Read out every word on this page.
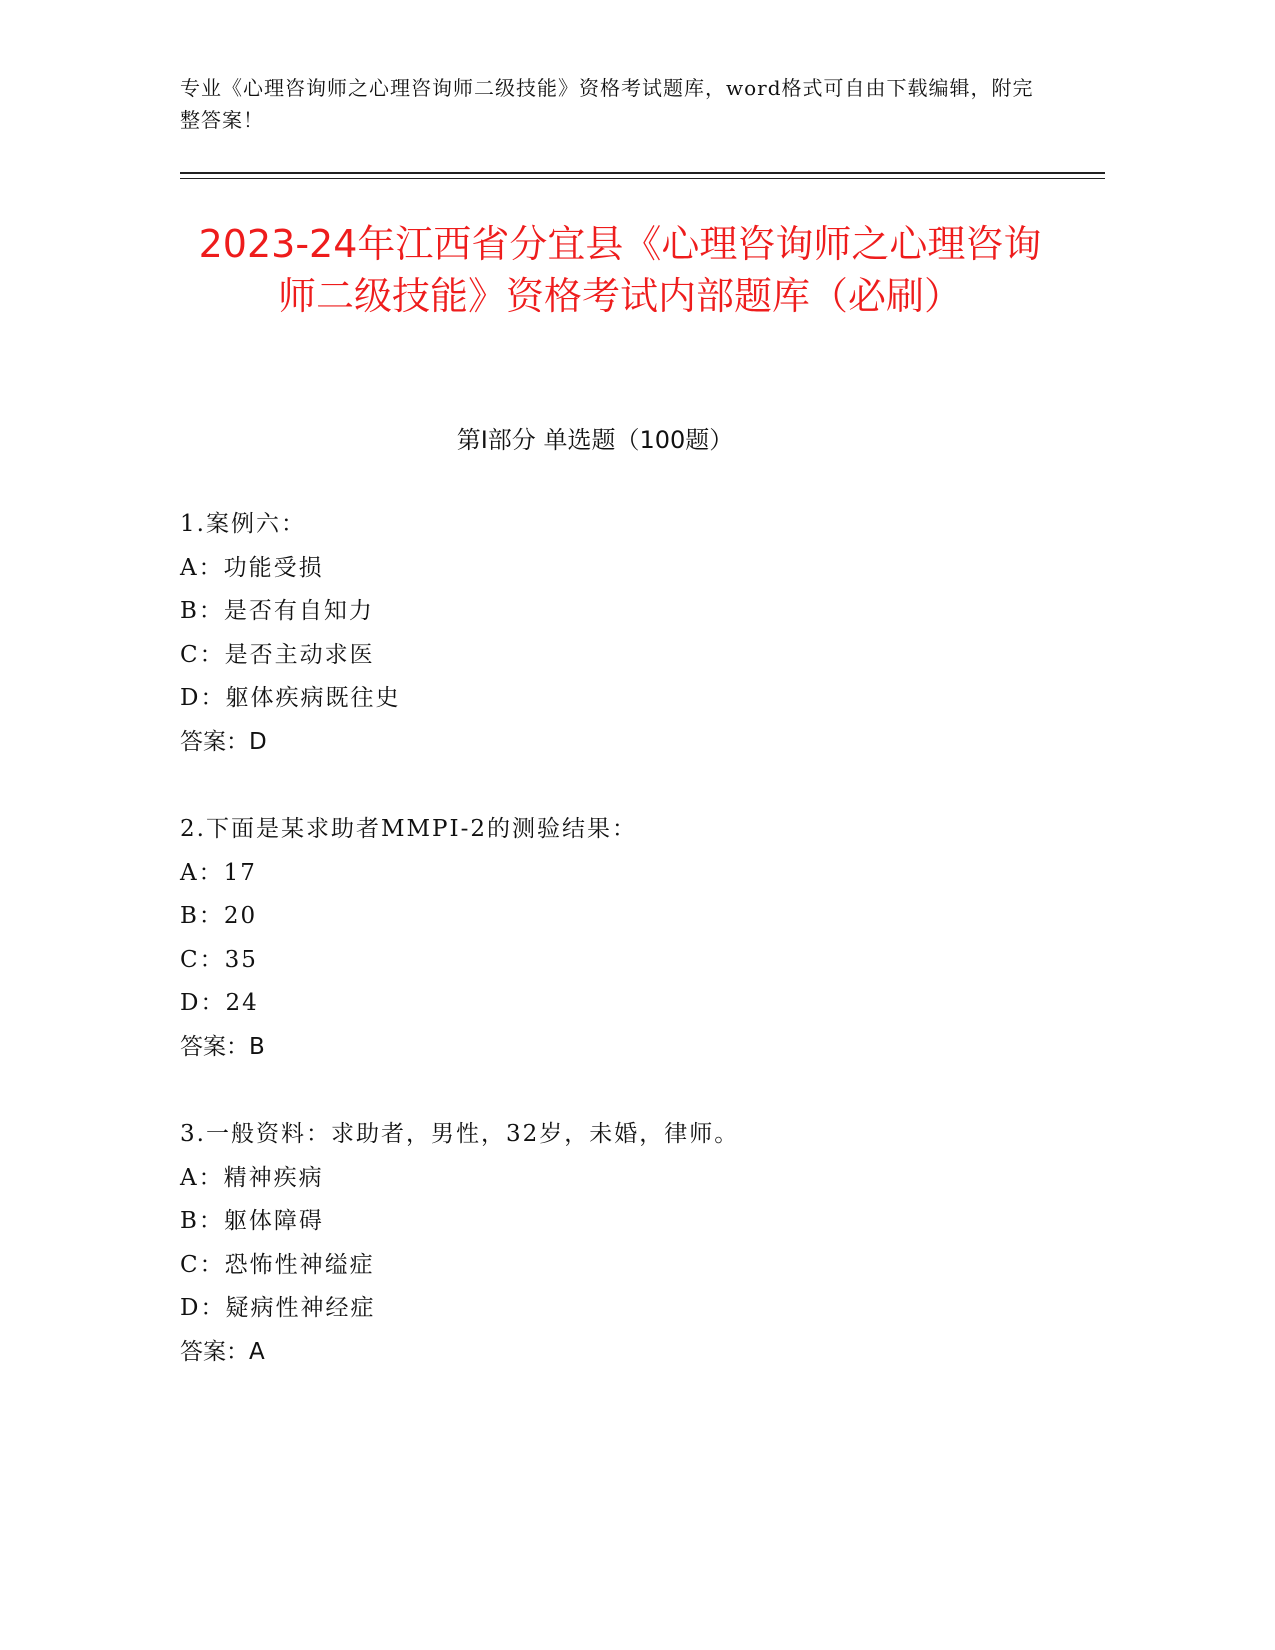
专业《心理咨询师之心理咨询师二级技能》资格考试题库，word格式可自由下载编辑，附完整答案！
2023-24年江西省分宜县《心理咨询师之心理咨询师二级技能》资格考试内部题库（必刷）
第Ⅰ部分 单选题（100题）
1.案例六：
A：功能受损
B：是否有自知力
C：是否主动求医
D：躯体疾病既往史
答案：D
2.下面是某求助者MMPI-2的测验结果：
A：17
B：20
C：35
D：24
答案：B
3.一般资料：求助者，男性，32岁，未婚，律师。
A：精神疾病
B：躯体障碍
C：恐怖性神缢症
D：疑病性神经症
答案：A
